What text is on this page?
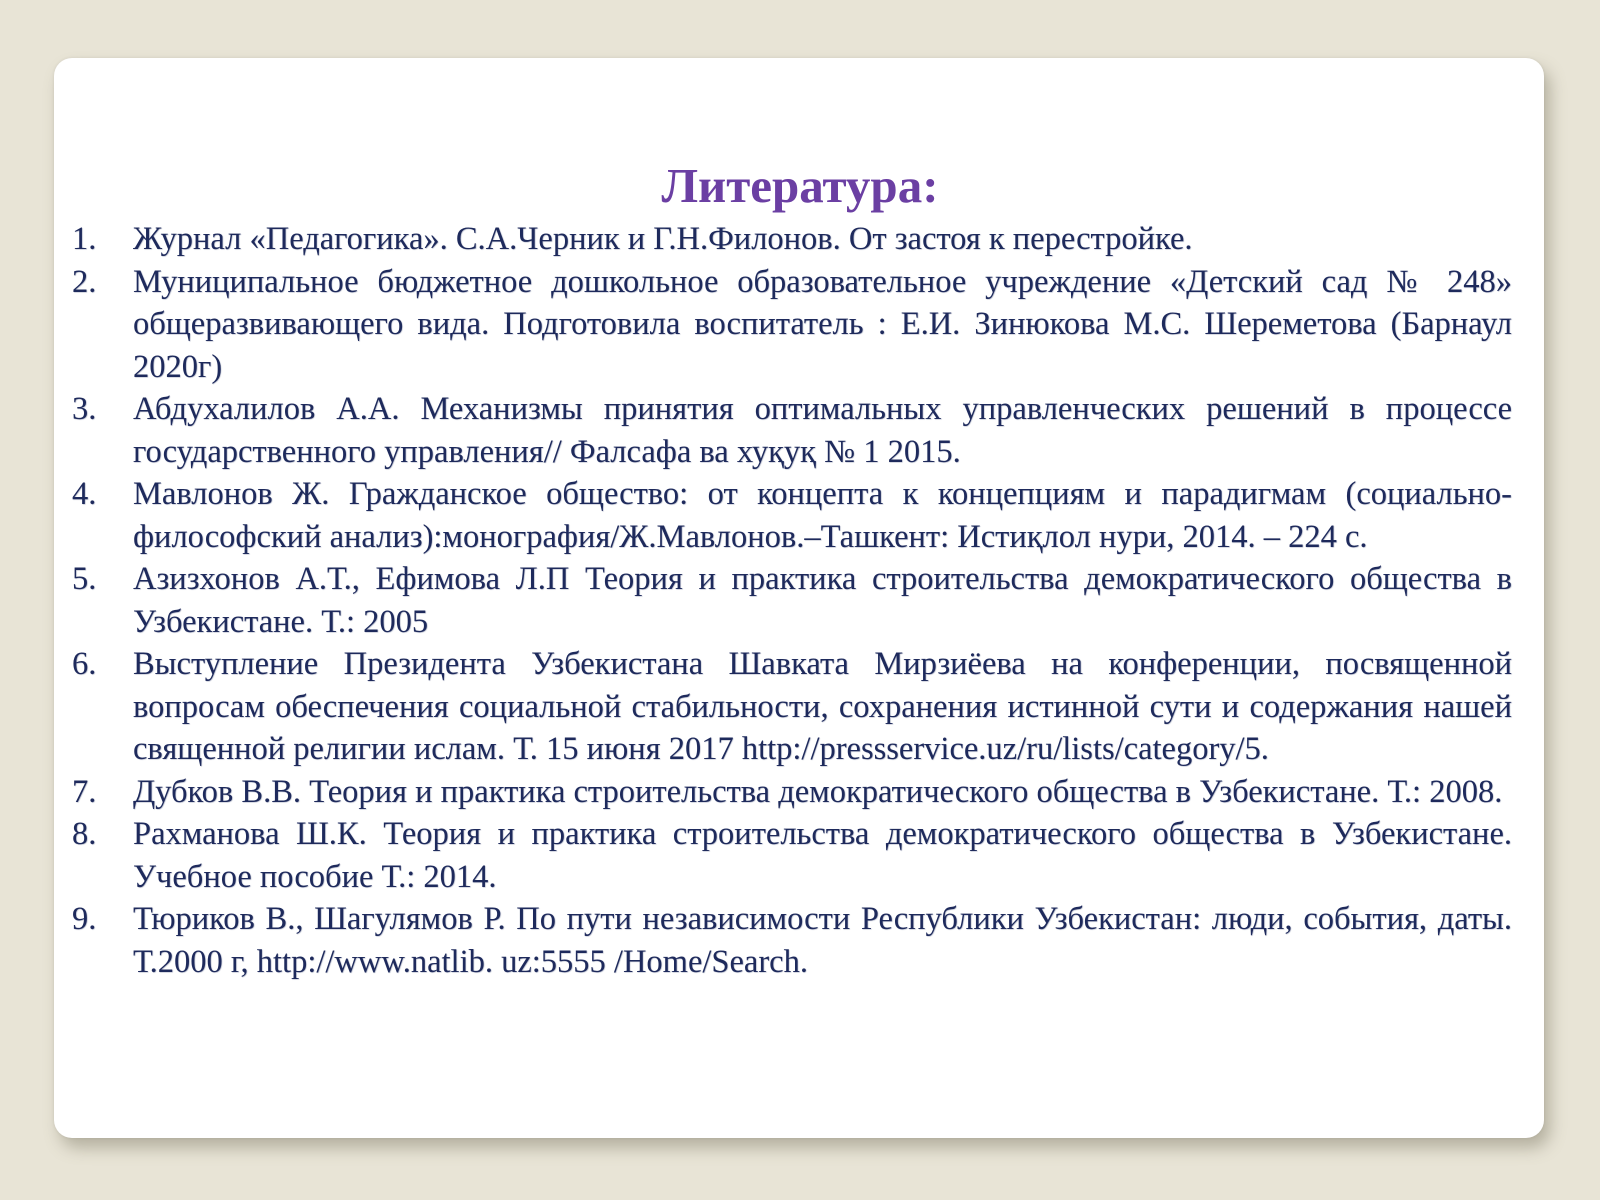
Литература:
1.	Журнал «Педагогика». С.А.Черник и Г.Н.Филонов. От застоя к перестройке.
2.	Муниципальное бюджетное дошкольное образовательное учреждение «Детский сад № 248» общеразвивающего вида. Подготовила воспитатель : Е.И. Зинюкова М.С. Шереметова (Барнаул 2020г)
3.	Абдухалилов А.А. Механизмы принятия оптимальных управленческих решений в процессе государственного управления// Фалсафа ва хуқуқ № 1 2015.
4.	Мавлонов Ж. Гражданское общество: от концепта к концепциям и парадигмам (социально-философский анализ):монография/Ж.Мавлонов.–Ташкент: Истиқлол нури, 2014. – 224 с.
5.	Азизхонов А.Т., Ефимова Л.П Теория и практика строительства демократического общества в Узбекистане. Т.: 2005
6.	Выступление Президента Узбекистана Шавката Мирзиёева на конференции, посвященной вопросам обеспечения социальной стабильности, сохранения истинной сути и содержания нашей священной религии ислам. Т. 15 июня 2017 http://pressservice.uz/ru/lists/category/5.
7.	Дубков В.В. Теория и практика строительства демократического общества в Узбекистане. Т.: 2008.
8.	Рахманова Ш.К. Теория и практика строительства демократического общества в Узбекистане. Учебное пособие Т.: 2014.
9.	Тюриков В., Шагулямов Р. По пути независимости Республики Узбекистан: люди, события, даты. Т.2000 г, http://www.natlib. uz:5555 /Home/Search.
